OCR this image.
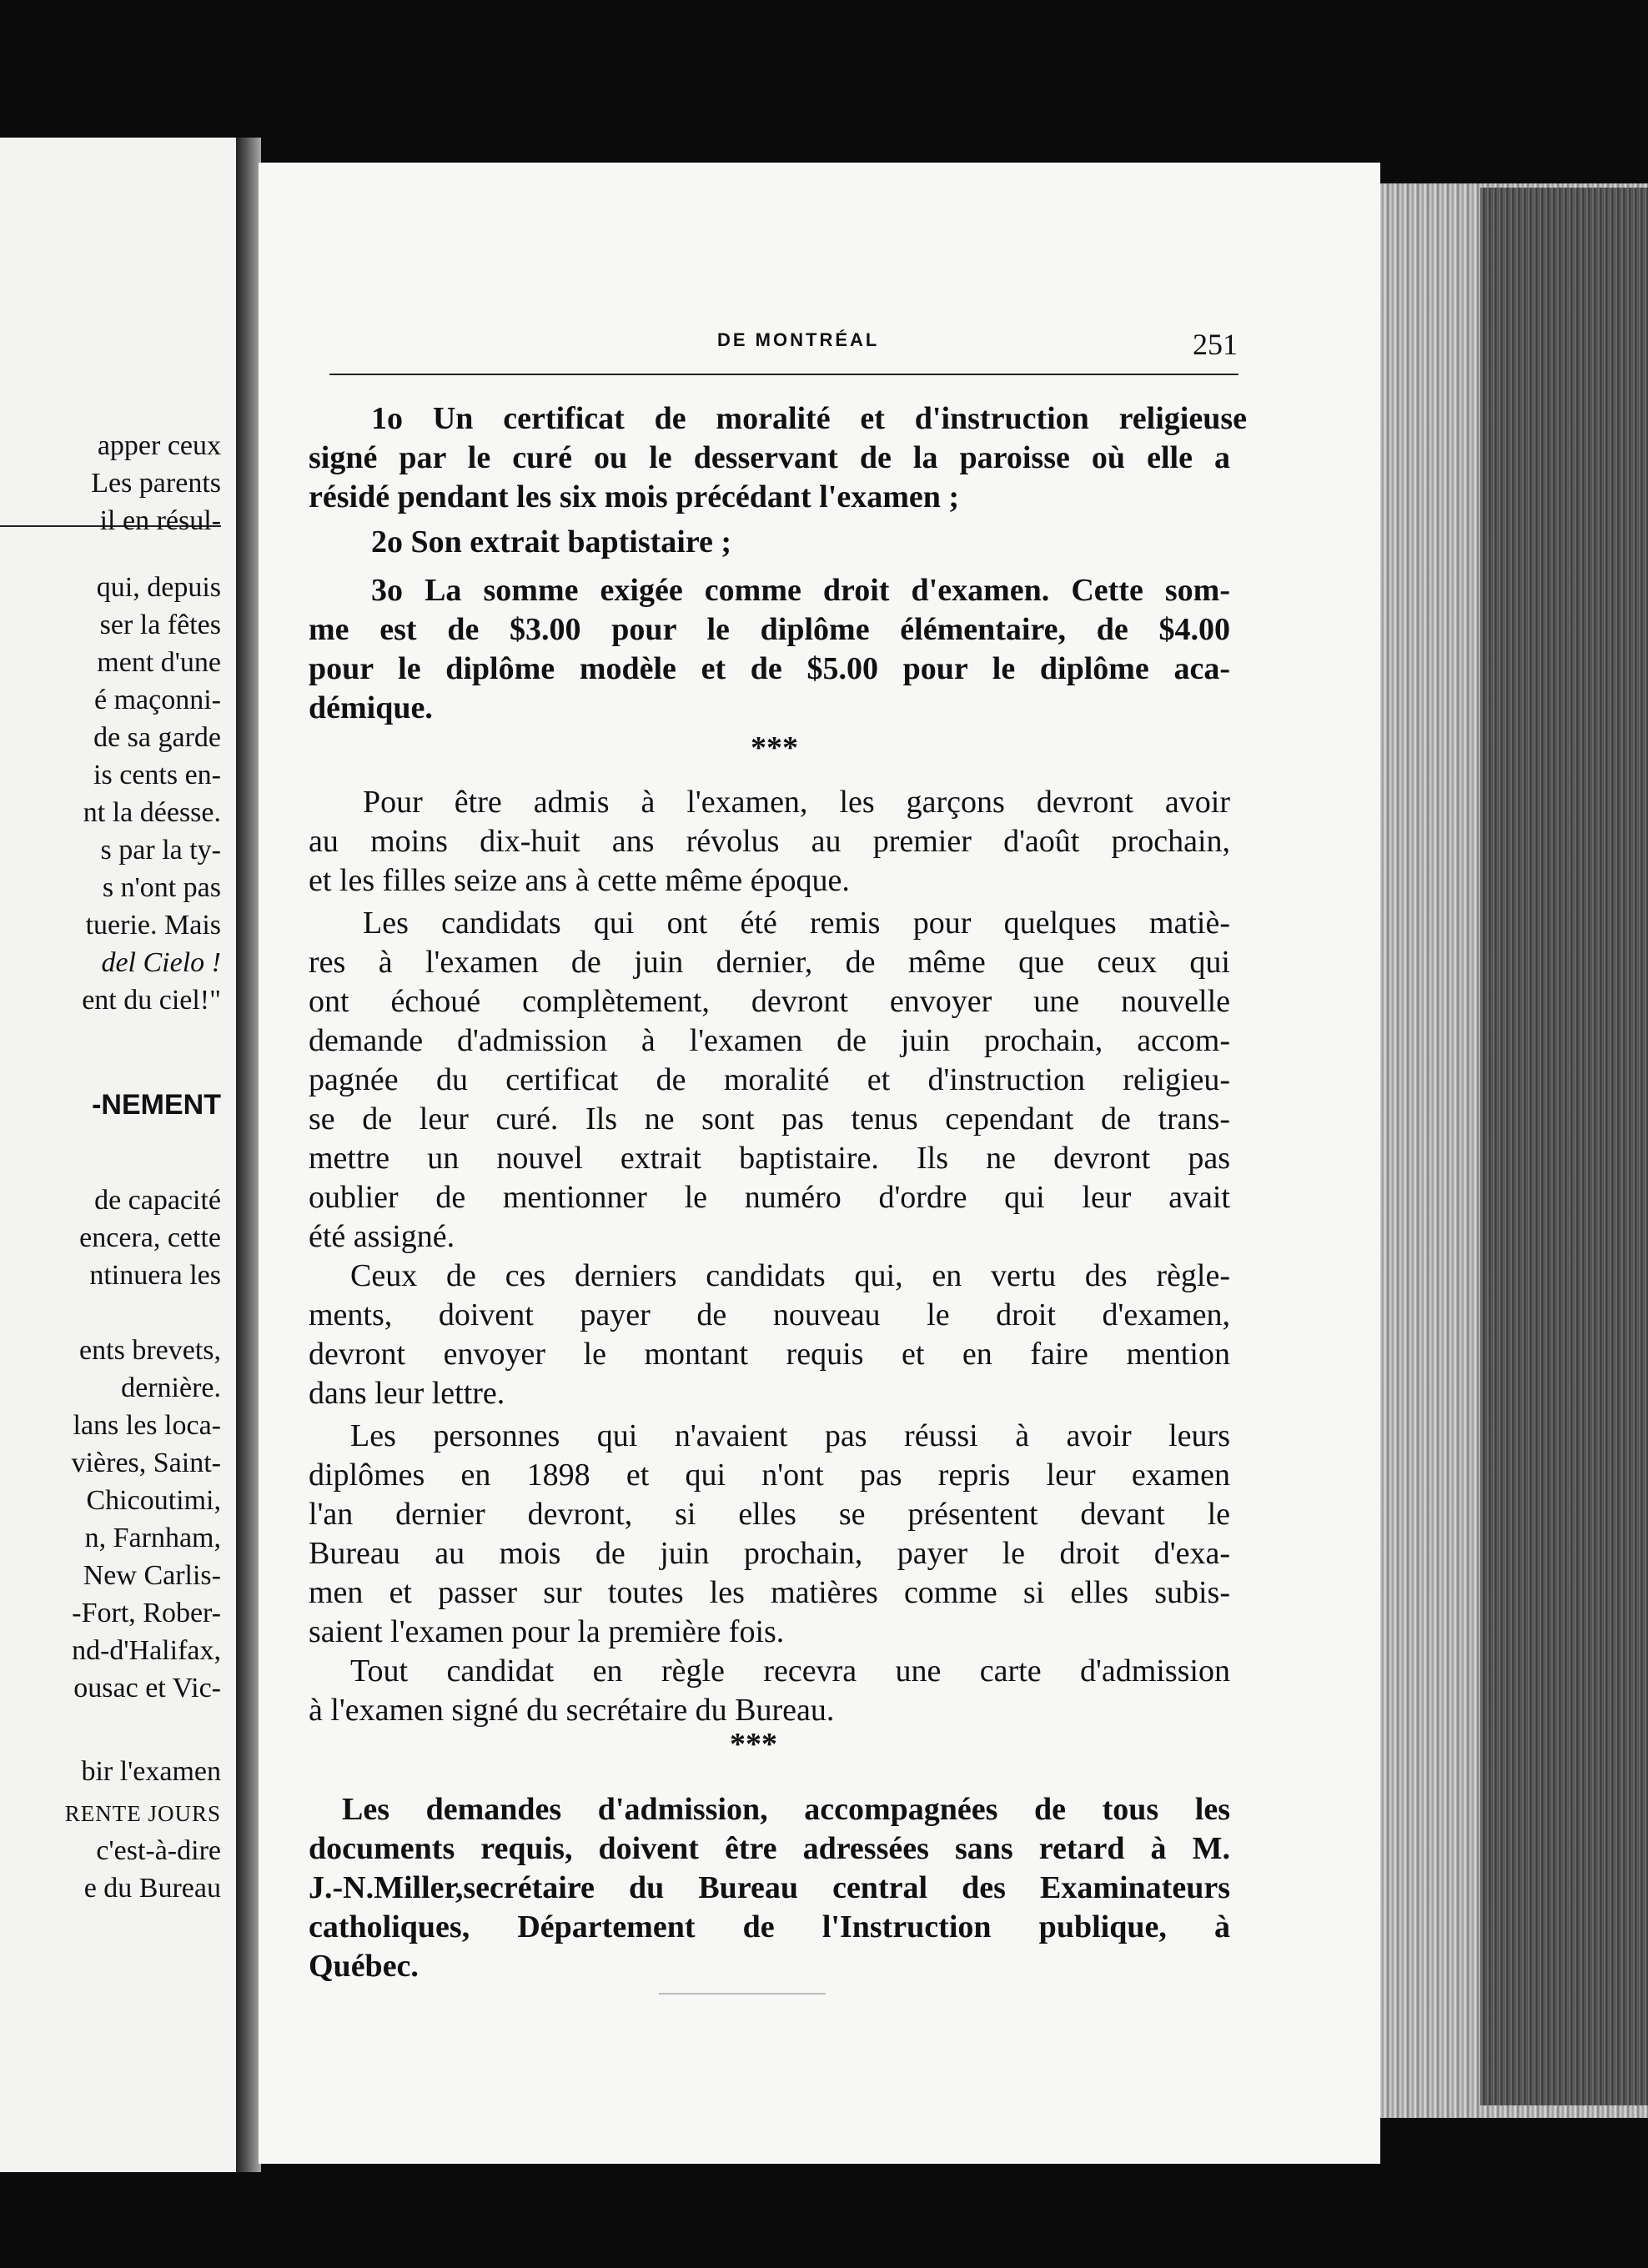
apper ceux
Les parents
il en résul-
qui, depuis
ser la fêtes
ment d'une
é maçonni-
de sa garde
is cents en-
nt la déesse.
s par la ty-
s n'ont pas
tuerie. Mais
del Cielo !
ent du ciel!"
-NEMENT
de capacité
encera, cette
ntinuera les
ents brevets,
dernière.
lans les loca-
vières, Saint-
Chicoutimi,
n, Farnham,
New Carlis-
-Fort, Rober-
nd-d'Halifax,
ousac et Vic-
bir l'examen
RENTE JOURS
c'est-à-dire
e du Bureau
DE MONTRÉAL	251
1o Un certificat de moralité et d'instruction religieuse
signé par le curé ou le desservant de la paroisse où elle a
résidé pendant les six mois précédant l'examen ;
2o Son extrait baptistaire ;
3o La somme exigée comme droit d'examen. Cette som-
me est de $3.00 pour le diplôme élémentaire, de $4.00
pour le diplôme modèle et de $5.00 pour le diplôme aca-
démique.
***
Pour être admis à l'examen, les garçons devront avoir
au moins dix-huit ans révolus au premier d'août prochain,
et les filles seize ans à cette même époque.
Les candidats qui ont été remis pour quelques matiè-
res à l'examen de juin dernier, de même que ceux qui
ont échoué complètement, devront envoyer une nouvelle
demande d'admission à l'examen de juin prochain, accom-
pagnée du certificat de moralité et d'instruction religieu-
se de leur curé. Ils ne sont pas tenus cependant de trans-
mettre un nouvel extrait baptistaire. Ils ne devront pas
oublier de mentionner le numéro d'ordre qui leur avait
été assigné.
Ceux de ces derniers candidats qui, en vertu des règle-
ments, doivent payer de nouveau le droit d'examen,
devront envoyer le montant requis et en faire mention
dans leur lettre.
Les personnes qui n'avaient pas réussi à avoir leurs
diplômes en 1898 et qui n'ont pas repris leur examen
l'an dernier devront, si elles se présentent devant le
Bureau au mois de juin prochain, payer le droit d'exa-
men et passer sur toutes les matières comme si elles subis-
saient l'examen pour la première fois.
Tout candidat en règle recevra une carte d'admission
à l'examen signé du secrétaire du Bureau.
***
Les demandes d'admission, accompagnées de tous les
documents requis, doivent être adressées sans retard à M.
J.-N.Miller,secrétaire du Bureau central des Examinateurs
catholiques, Département de l'Instruction publique, à
Québec.
